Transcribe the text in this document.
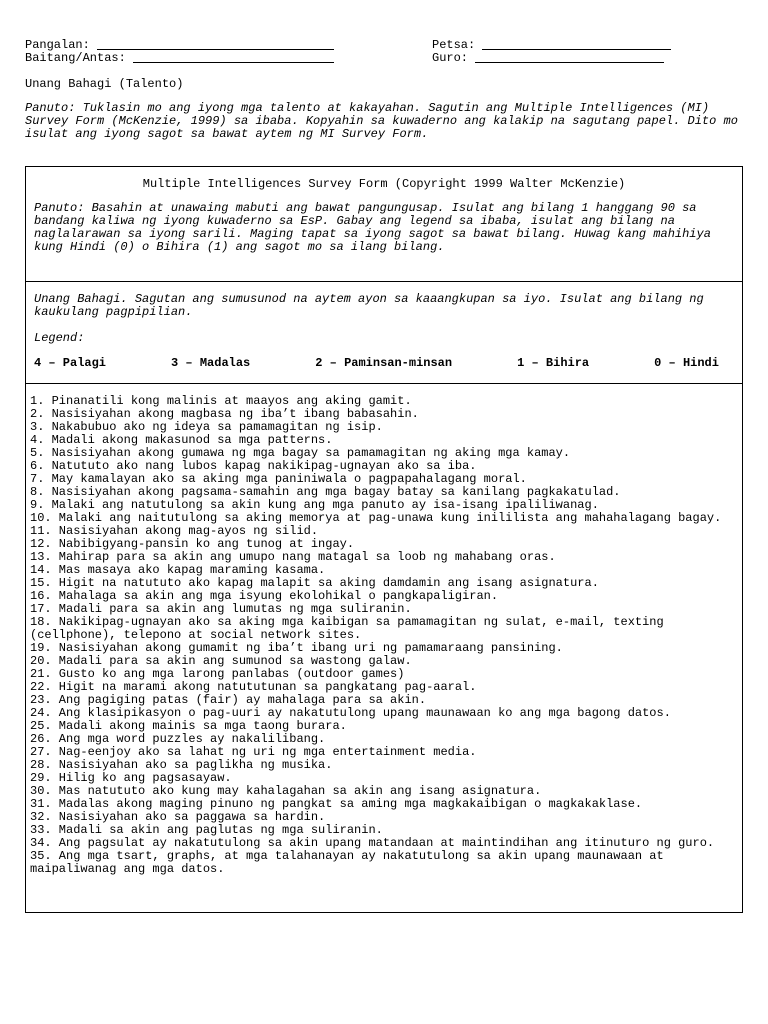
Pangalan:	Petsa:
Baitang/Antas:	Guro:
Unang Bahagi (Talento)
Panuto: Tuklasin mo ang iyong mga talento at kakayahan. Sagutin ang Multiple Intelligences (MI) Survey Form (McKenzie, 1999) sa ibaba. Kopyahin sa kuwaderno ang kalakip na sagutang papel. Dito mo isulat ang iyong sagot sa bawat aytem ng MI Survey Form.
Multiple Intelligences Survey Form (Copyright 1999 Walter McKenzie)
Panuto: Basahin at unawaing mabuti ang bawat pangungusap. Isulat ang bilang 1 hanggang 90 sa bandang kaliwa ng iyong kuwaderno sa EsP. Gabay ang legend sa ibaba, isulat ang bilang na naglalarawan sa iyong sarili. Maging tapat sa iyong sagot sa bawat bilang. Huwag kang mahihiya kung Hindi (0) o Bihira (1) ang sagot mo sa ilang bilang.
Unang Bahagi. Sagutan ang sumusunod na aytem ayon sa kaaangkupan sa iyo. Isulat ang bilang ng kaukulang pagpipilian.
Legend:
4 – Palagi	3 – Madalas	2 – Paminsan-minsan	1 – Bihira	0 – Hindi
1. Pinanatili kong malinis at maayos ang aking gamit.
2. Nasisiyahan akong magbasa ng iba’t ibang babasahin.
3. Nakabubuo ako ng ideya sa pamamagitan ng isip.
4. Madali akong makasunod sa mga patterns.
5. Nasisiyahan akong gumawa ng mga bagay sa pamamagitan ng aking mga kamay.
6. Natututo ako nang lubos kapag nakikipag-ugnayan ako sa iba.
7. May kamalayan ako sa aking mga paniniwala o pagpapahalagang moral.
8. Nasisiyahan akong pagsama-samahin ang mga bagay batay sa kanilang pagkakatulad.
9. Malaki ang natutulong sa akin kung ang mga panuto ay isa-isang ipaliliwanag.
10. Malaki ang naitutulong sa aking memorya at pag-unawa kung inililista ang mahahalagang bagay.
11. Nasisiyahan akong mag-ayos ng silid.
12. Nabibigyang-pansin ko ang tunog at ingay.
13. Mahirap para sa akin ang umupo nang matagal sa loob ng mahabang oras.
14. Mas masaya ako kapag maraming kasama.
15. Higit na natututo ako kapag malapit sa aking damdamin ang isang asignatura.
16. Mahalaga sa akin ang mga isyung ekolohikal o pangkapaligiran.
17. Madali para sa akin ang lumutas ng mga suliranin.
18. Nakikipag-ugnayan ako sa aking mga kaibigan sa pamamagitan ng sulat, e-mail, texting (cellphone), telepono at social network sites.
19. Nasisiyahan akong gumamit ng iba’t ibang uri ng pamamaraang pansining.
20. Madali para sa akin ang sumunod sa wastong galaw.
21. Gusto ko ang mga larong panlabas (outdoor games)
22. Higit na marami akong natututunan sa pangkatang pag-aaral.
23. Ang pagiging patas (fair) ay mahalaga para sa akin.
24. Ang klasipikasyon o pag-uuri ay nakatutulong upang maunawaan ko ang mga bagong datos.
25. Madali akong mainis sa mga taong burara.
26. Ang mga word puzzles ay nakalilibang.
27. Nag-eenjoy ako sa lahat ng uri ng mga entertainment media.
28. Nasisiyahan ako sa paglikha ng musika.
29. Hilig ko ang pagsasayaw.
30. Mas natututo ako kung may kahalagahan sa akin ang isang asignatura.
31. Madalas akong maging pinuno ng pangkat sa aming mga magkakaibigan o magkakaklase.
32. Nasisiyahan ako sa paggawa sa hardin.
33. Madali sa akin ang paglutas ng mga suliranin.
34. Ang pagsulat ay nakatutulong sa akin upang matandaan at maintindihan ang itinuturo ng guro.
35. Ang mga tsart, graphs, at mga talahanayan ay nakatutulong sa akin upang maunawaan at maipaliwanag ang mga datos.
